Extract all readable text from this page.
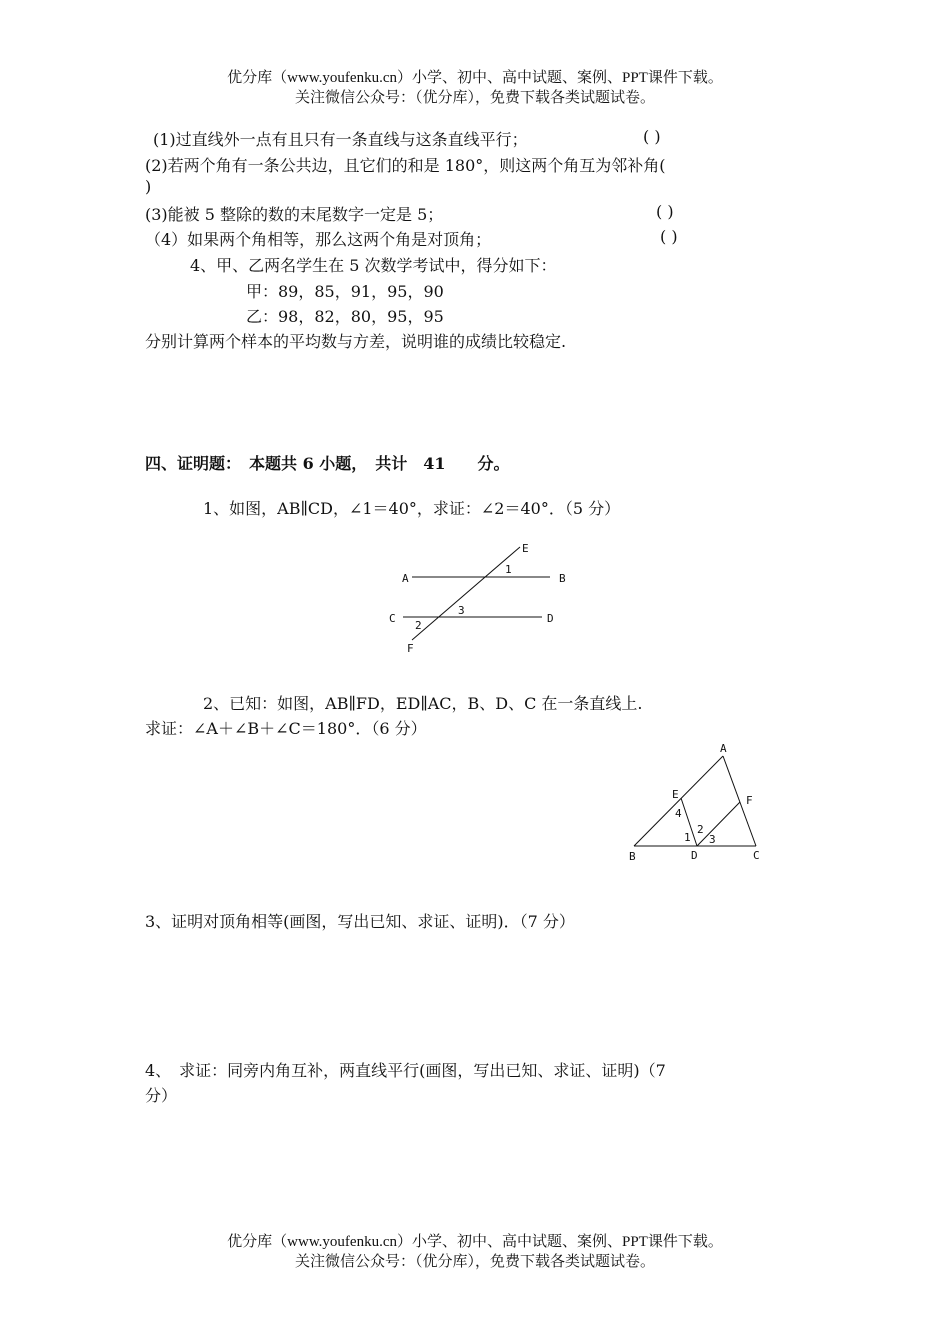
优分库（www.youfenku.cn）小学、初中、高中试题、案例、PPT课件下载。
关注微信公众号：（优分库），免费下载各类试题试卷。
(1)过直线外一点有且只有一条直线与这条直线平行；	( )
(2)若两个角有一条公共边，且它们的和是 180°，则这两个角互为邻补角(
)
(3)能被 5 整除的数的末尾数字一定是 5；	( )
（4）如果两个角相等，那么这两个角是对顶角；	( )
4、甲、乙两名学生在 5 次数学考试中，得分如下：
甲：89，85，91，95，90
乙：98，82，80，95，95
分别计算两个样本的平均数与方差，说明谁的成绩比较稳定.
四、证明题：　本题共 6 小题，　共计　41　　分。
1、如图，AB∥CD，∠1＝40°，求证：∠2＝40°．（5 分）
A	B
C	D
E
F
1
2
3
2、已知：如图，AB∥FD，ED∥AC，B、D、C 在一条直线上.
求证：∠A＋∠B＋∠C＝180°．（6 分）
A
B	C
D
E	F
1
2
3
4
3、证明对顶角相等(画图，写出已知、求证、证明)．（7 分）
4、　求证：同旁内角互补，两直线平行(画图，写出已知、求证、证明)（7
分）
优分库（www.youfenku.cn）小学、初中、高中试题、案例、PPT课件下载。
关注微信公众号：（优分库），免费下载各类试题试卷。
